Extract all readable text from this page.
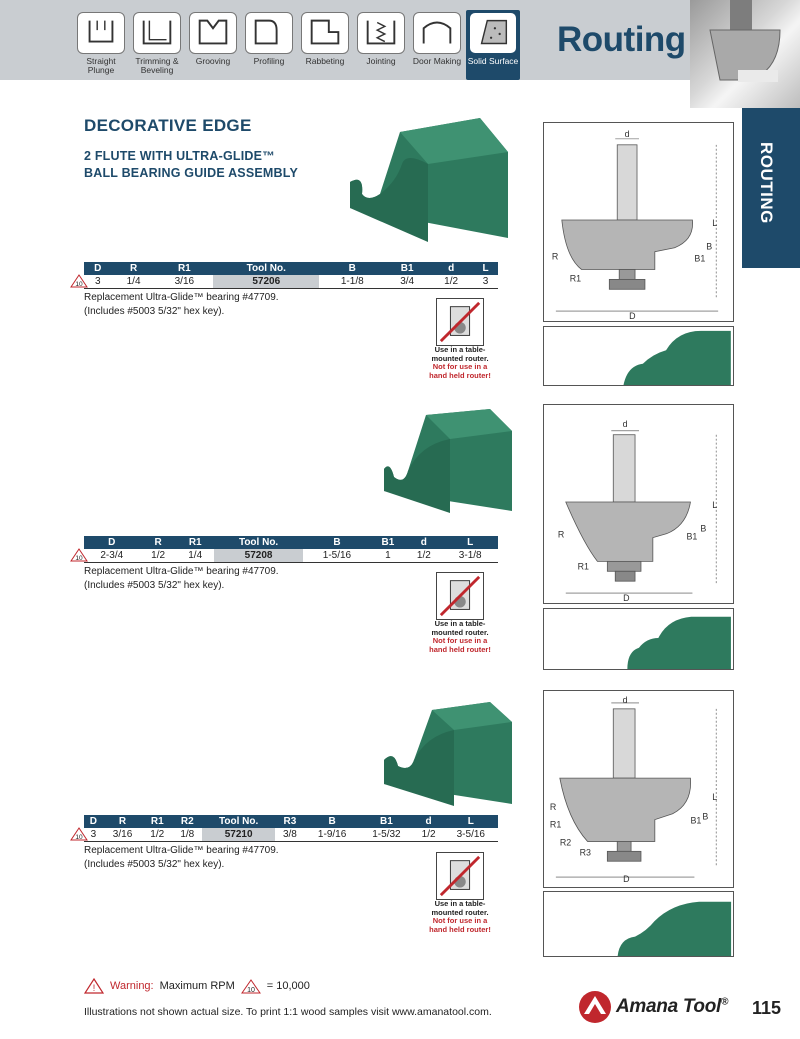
Straight Plunge
Trimming & Beveling
Grooving	Profiling	Rabbeting	Jointing Door Making Solid Surface
Routing
ROUTING
DECORATIVE EDGE
2 FLUTE WITH ULTRA-GLIDE™
BALL BEARING GUIDE ASSEMBLY
D	R	R1	Tool No.	B	B1	d	L
3	1/4	3/16	57206	1-1/8	3/4	1/2	3
10
Replacement Ultra-Glide™ bearing #47709.
(Includes #5003 5/32" hex key).
D	R	R1	Tool No.	B	B1	d	L
2-3/4	1/2	1/4	57208	1-5/16	1	1/2	3-1/8
10
Replacement Ultra-Glide™ bearing #47709.
(Includes #5003 5/32" hex key).
D	R	R1	R2	Tool No.	R3	B	B1	d	L
3	3/16	1/2	1/8	57210	3/8	1-9/16	1-5/32	1/2	3-5/16
10
Replacement Ultra-Glide™ bearing #47709.
(Includes #5003 5/32" hex key).
Use in a table-
mounted router.
Not for use in a
hand held router!
Use in a table-
mounted router.
Not for use in a
hand held router!
Use in a table-
mounted router.
Not for use in a
hand held router!
d
L
B
B1
R
R1
D
d
L
B
B1
R
R1
D
d
L
B
B1
R
R1
R2
R3
D
! Warning: Maximum RPM 10 = 10,000
Illustrations not shown actual size. To print 1:1 wood samples visit www.amanatool.com.	Amana Tool® 115
